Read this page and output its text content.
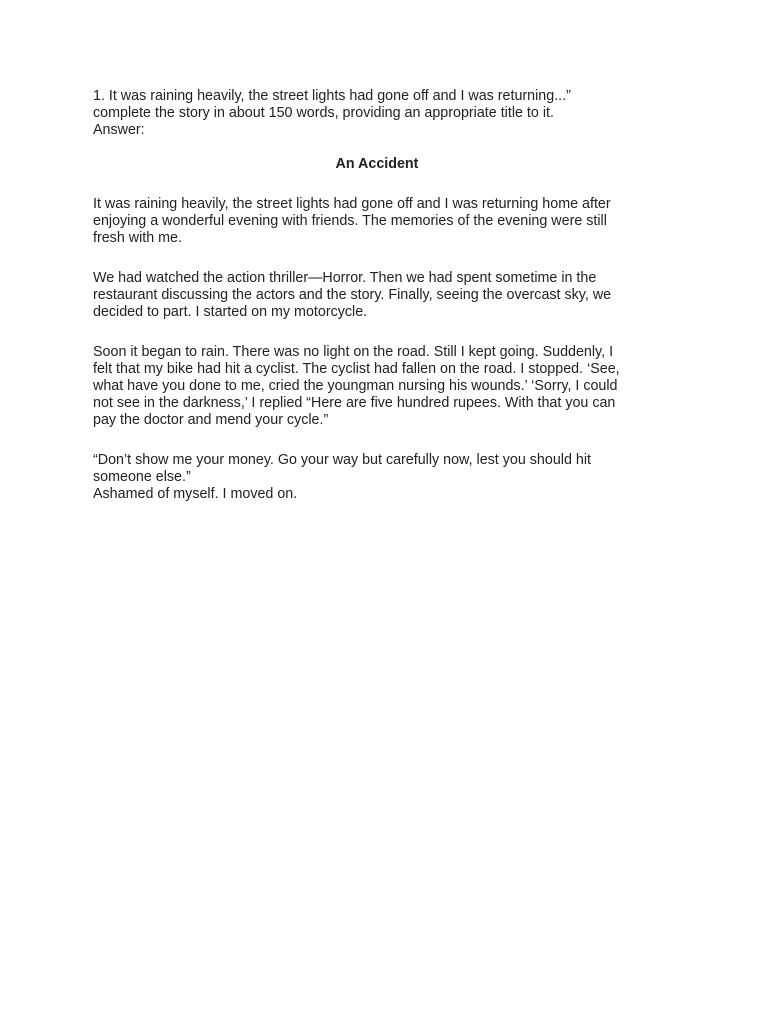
1. It was raining heavily, the street lights had gone off and I was returning...”
complete the story in about 150 words, providing an appropriate title to it.
Answer:

An Accident

It was raining heavily, the street lights had gone off and I was returning home after
enjoying a wonderful evening with friends. The memories of the evening were still
fresh with me.

We had watched the action thriller—Horror. Then we had spent sometime in the
restaurant discussing the actors and the story. Finally, seeing the overcast sky, we
decided to part. I started on my motorcycle.

Soon it began to rain. There was no light on the road. Still I kept going. Suddenly, I
felt that my bike had hit a cyclist. The cyclist had fallen on the road. I stopped. ‘See,
what have you done to me, cried the youngman nursing his wounds.’ ‘Sorry, I could
not see in the darkness,’ I replied “Here are five hundred rupees. With that you can
pay the doctor and mend your cycle.”

“Don’t show me your money. Go your way but carefully now, lest you should hit
someone else.”

Ashamed of myself. I moved on.
